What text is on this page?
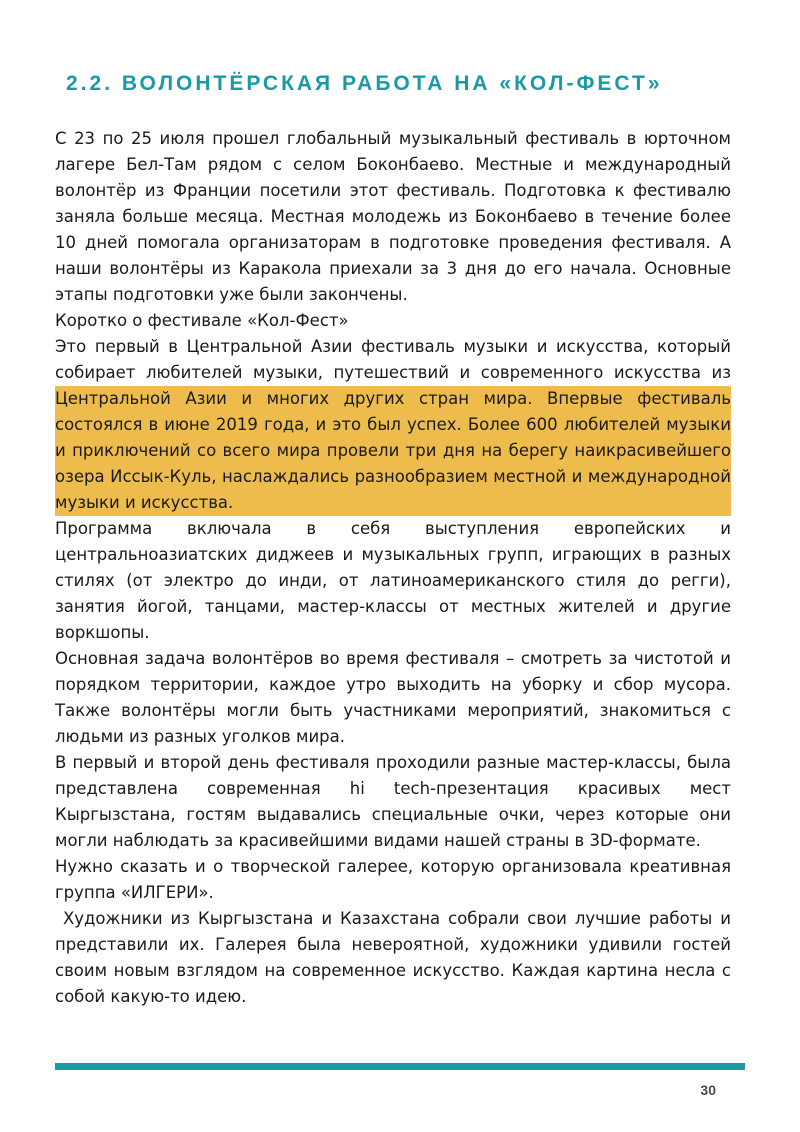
2.2. ВОЛОНТЁРСКАЯ РАБОТА НА «КОЛ-ФЕСТ»

С 23 по 25 июля прошел глобальный музыкальный фестиваль в юрточном лагере Бел-Там рядом с селом Боконбаево. Местные и международный волонтёр из Франции посетили этот фестиваль. Подготовка к фестивалю заняла больше месяца. Местная молодежь из Боконбаево в течение более 10 дней помогала организаторам в подготовке проведения фестиваля. А наши волонтёры из Каракола приехали за 3 дня до его начала. Основные этапы подготовки уже были закончены.

Коротко о фестивале «Кол-Фест»

Это первый в Центральной Азии фестиваль музыки и искусства, который собирает любителей музыки, путешествий и современного искусства из

Центральной Азии и многих других стран мира. Впервые фестиваль состоялся в июне 2019 года, и это был успех. Более 600 любителей музыки и приключений со всего мира провели три дня на берегу наикрасивейшего озера Иссык-Куль, наслаждались разнообразием местной и международной музыки и искусства.

Программа включала в себя выступления европейских и центральноазиатских диджеев и музыкальных групп, играющих в разных стилях (от электро до инди, от латиноамериканского стиля до регги), занятия йогой, танцами, мастер-классы от местных жителей и другие воркшопы.

Основная задача волонтёров во время фестиваля – смотреть за чистотой и порядком территории, каждое утро выходить на уборку и сбор мусора. Также волонтёры могли быть участниками мероприятий, знакомиться с людьми из разных уголков мира.

В первый и второй день фестиваля проходили разные мастер-классы, была представлена современная hi tech-презентация красивых мест Кыргызстана, гостям выдавались специальные очки, через которые они могли наблюдать за красивейшими видами нашей страны в 3D-формате.

Нужно сказать и о творческой галерее, которую организовала креативная группа «ИЛГЕРИ».

Художники из Кыргызстана и Казахстана собрали свои лучшие работы и представили их. Галерея была невероятной, художники удивили гостей своим новым взглядом на современное искусство. Каждая картина несла с собой какую-то идею.

30
